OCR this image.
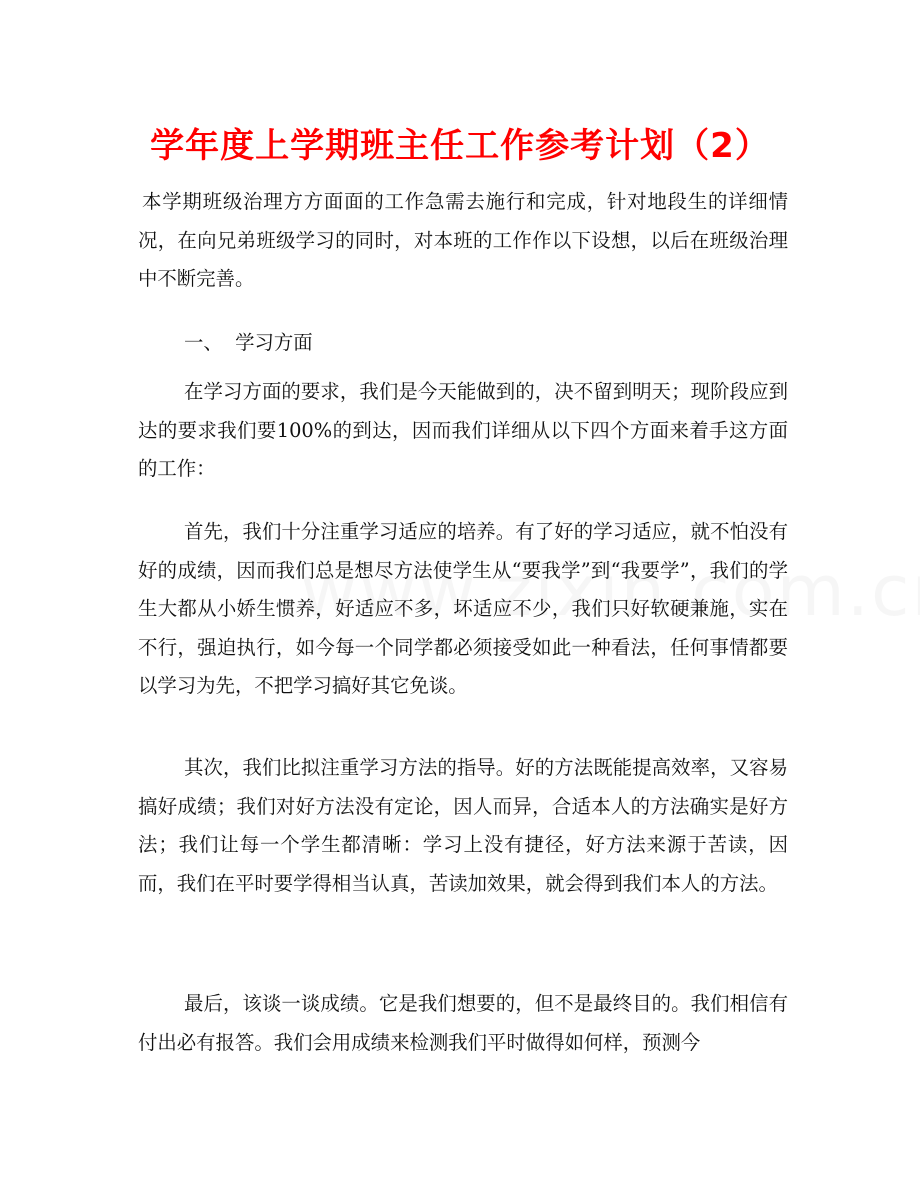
学年度上学期班主任工作参考计划（2）

本学期班级治理方方面面的工作急需去施行和完成，针对地段生的详细情况，在向兄弟班级学习的同时，对本班的工作作以下设想，以后在班级治理中不断完善。

一、  学习方面

在学习方面的要求，我们是今天能做到的，决不留到明天；现阶段应到达的要求我们要100%的到达，因而我们详细从以下四个方面来着手这方面的工作：

首先，我们十分注重学习适应的培养。有了好的学习适应，就不怕没有好的成绩，因而我们总是想尽方法使学生从“要我学”到“我要学”，我们的学生大都从小娇生惯养，好适应不多，坏适应不少，我们只好软硬兼施，实在不行，强迫执行，如今每一个同学都必须接受如此一种看法，任何事情都要以学习为先，不把学习搞好其它免谈。

其次，我们比拟注重学习方法的指导。好的方法既能提高效率，又容易搞好成绩；我们对好方法没有定论，因人而异，合适本人的方法确实是好方法；我们让每一个学生都清晰：学习上没有捷径，好方法来源于苦读，因而，我们在平时要学得相当认真，苦读加效果，就会得到我们本人的方法。

最后，该谈一谈成绩。它是我们想要的，但不是最终目的。我们相信有付出必有报答。我们会用成绩来检测我们平时做得如何样，预测今
